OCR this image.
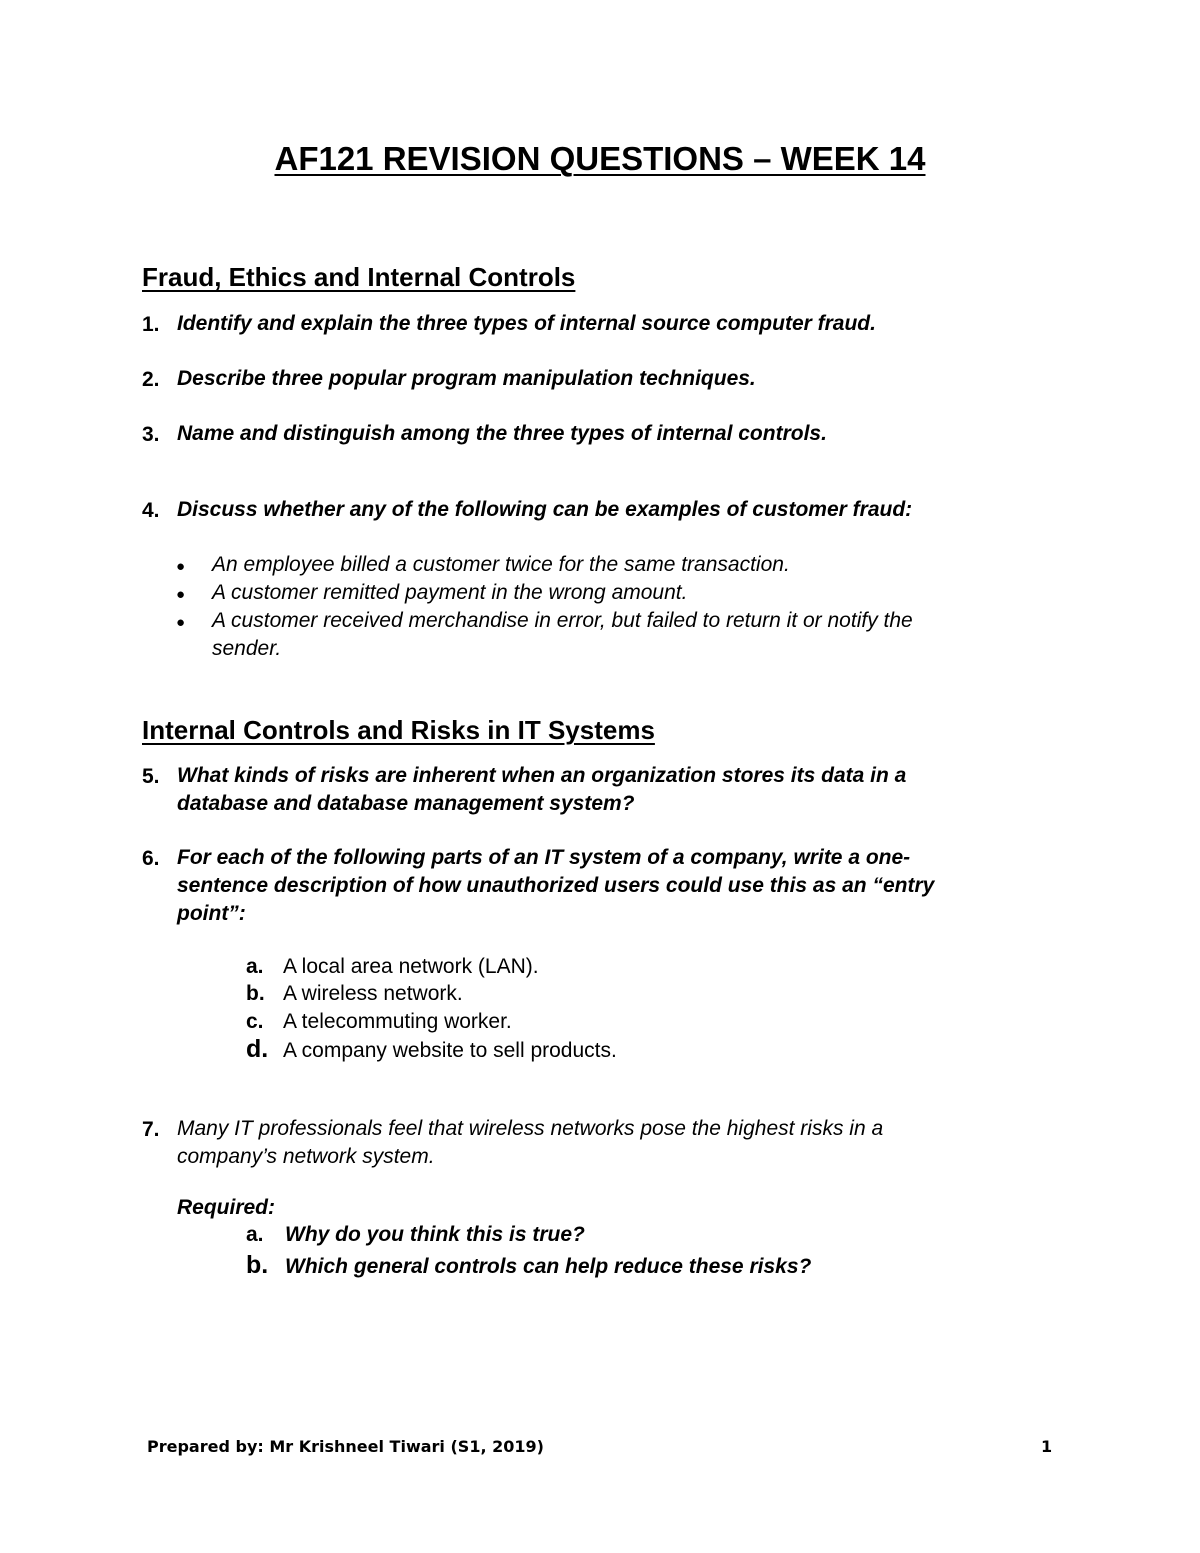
AF121 REVISION QUESTIONS – WEEK 14
Fraud, Ethics and Internal Controls
1. Identify and explain the three types of internal source computer fraud.
2. Describe three popular program manipulation techniques.
3. Name and distinguish among the three types of internal controls.
4. Discuss whether any of the following can be examples of customer fraud:
● An employee billed a customer twice for the same transaction.
● A customer remitted payment in the wrong amount.
● A customer received merchandise in error, but failed to return it or notify the
sender.
Internal Controls and Risks in IT Systems
5. What kinds of risks are inherent when an organization stores its data in a
database and database management system?
6. For each of the following parts of an IT system of a company, write a one-
sentence description of how unauthorized users could use this as an “entry
point”:
a. A local area network (LAN).
b. A wireless network.
c. A telecommuting worker.
d. A company website to sell products.
7. Many IT professionals feel that wireless networks pose the highest risks in a
company’s network system.
Required:
a. Why do you think this is true?
b. Which general controls can help reduce these risks?
Prepared by: Mr Krishneel Tiwari (S1, 2019)	1
